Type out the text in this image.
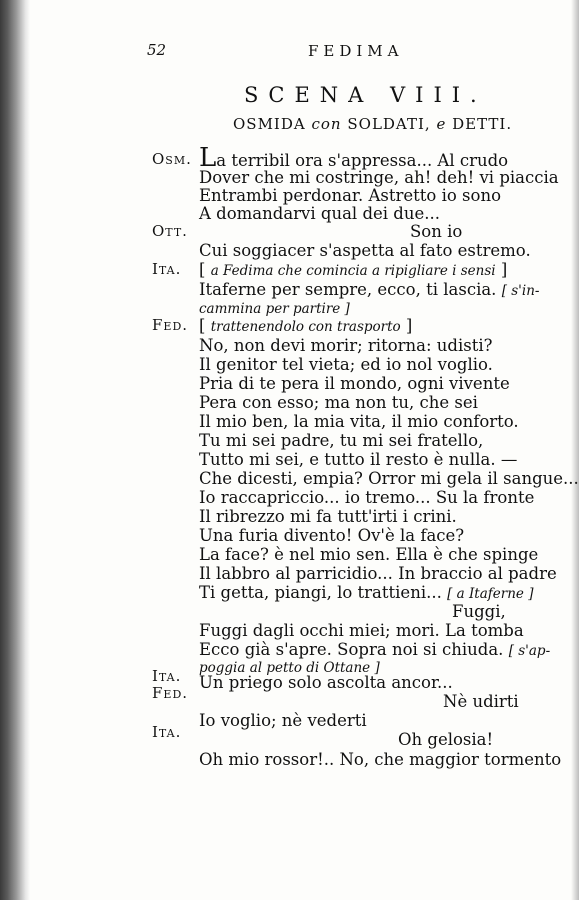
52	FEDIMA
SCENA VIII.
OSMIDA con SOLDATI, e DETTI.
Osm.
Ott.
Ita.
Fed.
Ita.
Fed.
Ita.
La terribil ora s'appressa... Al crudo
Dover che mi costringe, ah! deh! vi piaccia
Entrambi perdonar. Astretto io sono
A domandarvi qual dei due...
Son io
Cui soggiacer s'aspetta al fato estremo.
[ a Fedima che comincia a ripigliare i sensi ]
Itaferne per sempre, ecco, ti lascia. [ s'in-
cammina per partire ]
[ trattenendolo con trasporto ]
No, non devi morir; ritorna: udisti?
Il genitor tel vieta; ed io nol voglio.
Pria di te pera il mondo, ogni vivente
Pera con esso; ma non tu, che sei
Il mio ben, la mia vita, il mio conforto.
Tu mi sei padre, tu mi sei fratello,
Tutto mi sei, e tutto il resto è nulla. —
Che dicesti, empia? Orror mi gela il sangue...
Io raccapriccio... io tremo... Su la fronte
Il ribrezzo mi fa tutt'irti i crini.
Una furia divento! Ov'è la face?
La face? è nel mio sen. Ella è che spinge
Il labbro al parricidio... In braccio al padre
Ti getta, piangi, lo trattieni... [ a Itaferne ]
Fuggi,
Fuggi dagli occhi miei; mori. La tomba
Ecco già s'apre. Sopra noi si chiuda. [ s'ap-
poggia al petto di Ottane ]
Un priego solo ascolta ancor...
Nè udirti
Io voglio; nè vederti
Oh gelosia!
Oh mio rossor!.. No, che maggior tormento
